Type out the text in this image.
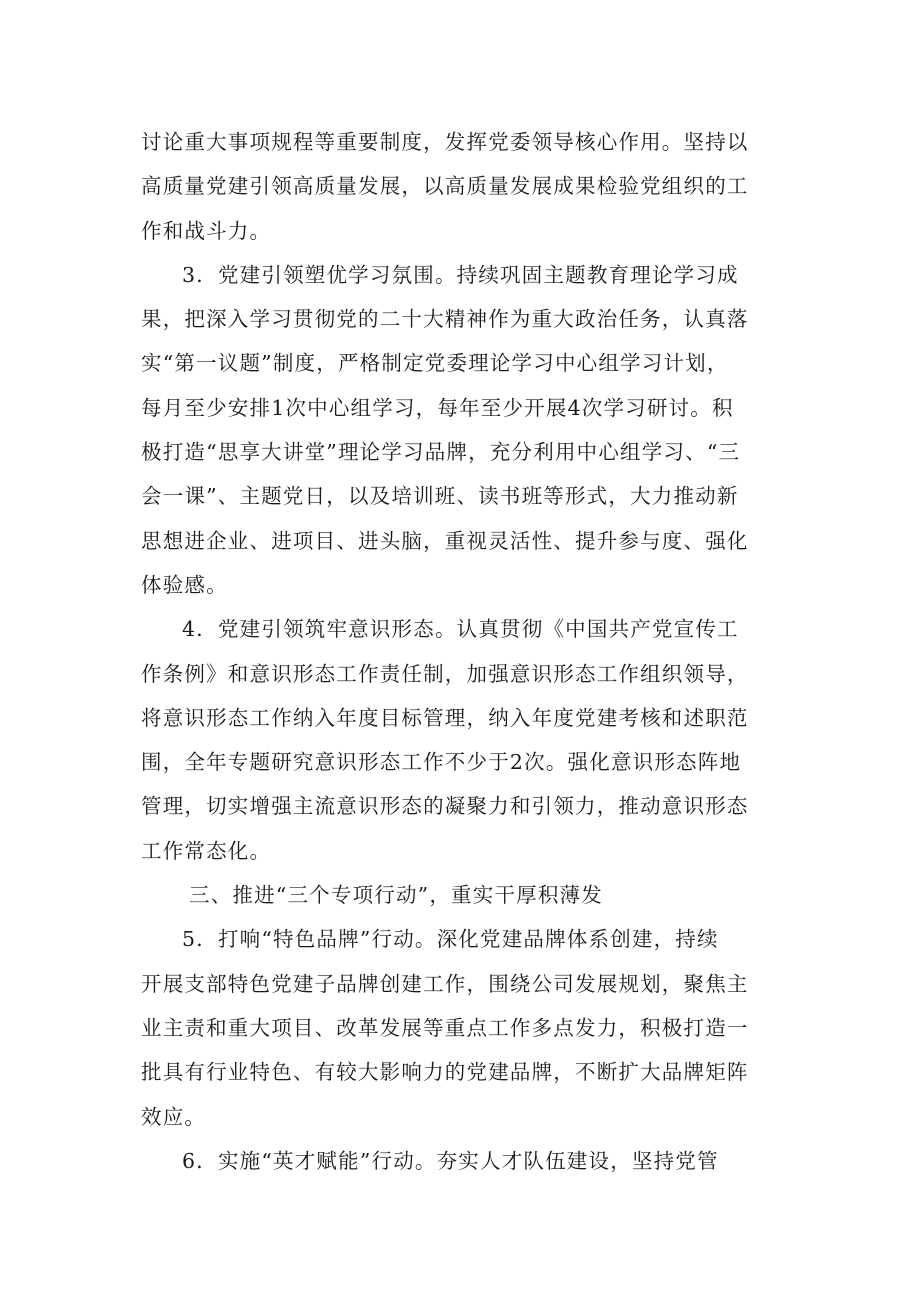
讨论重大事项规程等重要制度，发挥党委领导核心作用。坚持以
高质量党建引领高质量发展，以高质量发展成果检验党组织的工
作和战斗力。

3．党建引领塑优学习氛围。持续巩固主题教育理论学习成
果，把深入学习贯彻党的二十大精神作为重大政治任务，认真落
实“第一议题”制度，严格制定党委理论学习中心组学习计划，
每月至少安排1次中心组学习，每年至少开展4次学习研讨。积
极打造“思享大讲堂”理论学习品牌，充分利用中心组学习、“三
会一课”、主题党日，以及培训班、读书班等形式，大力推动新
思想进企业、进项目、进头脑，重视灵活性、提升参与度、强化
体验感。

4．党建引领筑牢意识形态。认真贯彻《中国共产党宣传工
作条例》和意识形态工作责任制，加强意识形态工作组织领导，
将意识形态工作纳入年度目标管理，纳入年度党建考核和述职范
围，全年专题研究意识形态工作不少于2次。强化意识形态阵地
管理，切实增强主流意识形态的凝聚力和引领力，推动意识形态
工作常态化。

三、推进“三个专项行动”，重实干厚积薄发

5．打响“特色品牌”行动。深化党建品牌体系创建，持续
开展支部特色党建子品牌创建工作，围绕公司发展规划，聚焦主
业主责和重大项目、改革发展等重点工作多点发力，积极打造一
批具有行业特色、有较大影响力的党建品牌，不断扩大品牌矩阵
效应。

6．实施“英才赋能”行动。夯实人才队伍建设，坚持党管
